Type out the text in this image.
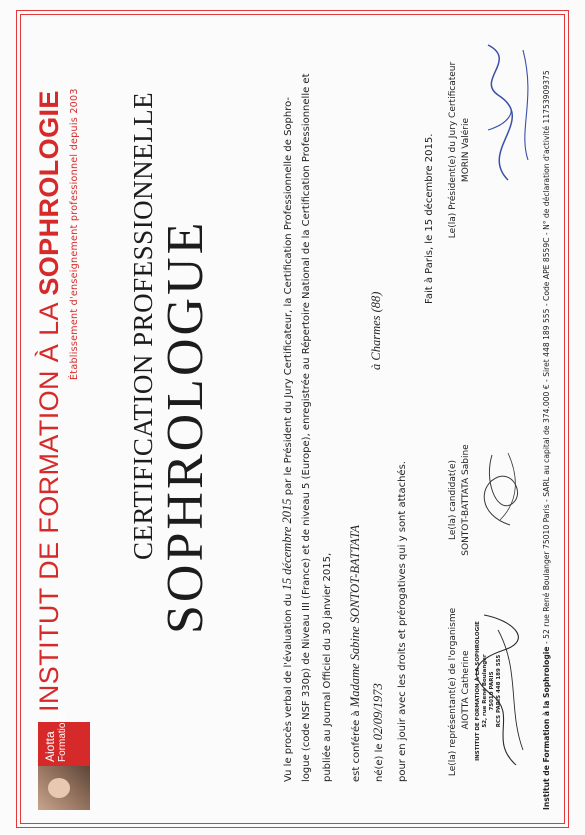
Aiotta Formations
INSTITUT DE FORMATION À LA SOPHROLOGIE Établissement d'enseignement professionnel depuis 2003 CERTIFICATION PROFESSIONNELLE SOPHROLOGUE
Vu le procès verbal de l'évaluation du 15 décembre 2015 par le Président du Jury Certificateur, la Certification Professionnelle de Sophro- logue (code NSF 330p) de Niveau III (France) et de niveau 5 (Europe), enregistrée au Répertoire National de la Certification Professionnelle et publiée au Journal Officiel du 30 janvier 2015,	est conférée à Madame Sabine SONTOT-BATTATA
né(e) le 02/09/1973
à Charmes (88)
pour en jouir avec les droits et prérogatives qui y sont attachés.
Fait à Paris, le 15 décembre 2015.
Le(la) représentant(e) de l'organisme AIOTTA Catherine INSTITUT DE FORMATION À LA SOPHROLOGIE 52, rue René Boulanger 75010 PARIS RCS PARIS 448 189 555
Le(la) candidat(e) SONTOT-BATTATA Sabine
Le(la) Président(e) du Jury Certificateur MORIN Valérie
Institut de Formation à la Sophrologie - 52 rue René Boulanger 75010 Paris - SARL au capital de 374.000 € - Siret 448 189 555 - Code APE 8559C - N° de déclaration d'activité 11753909375
